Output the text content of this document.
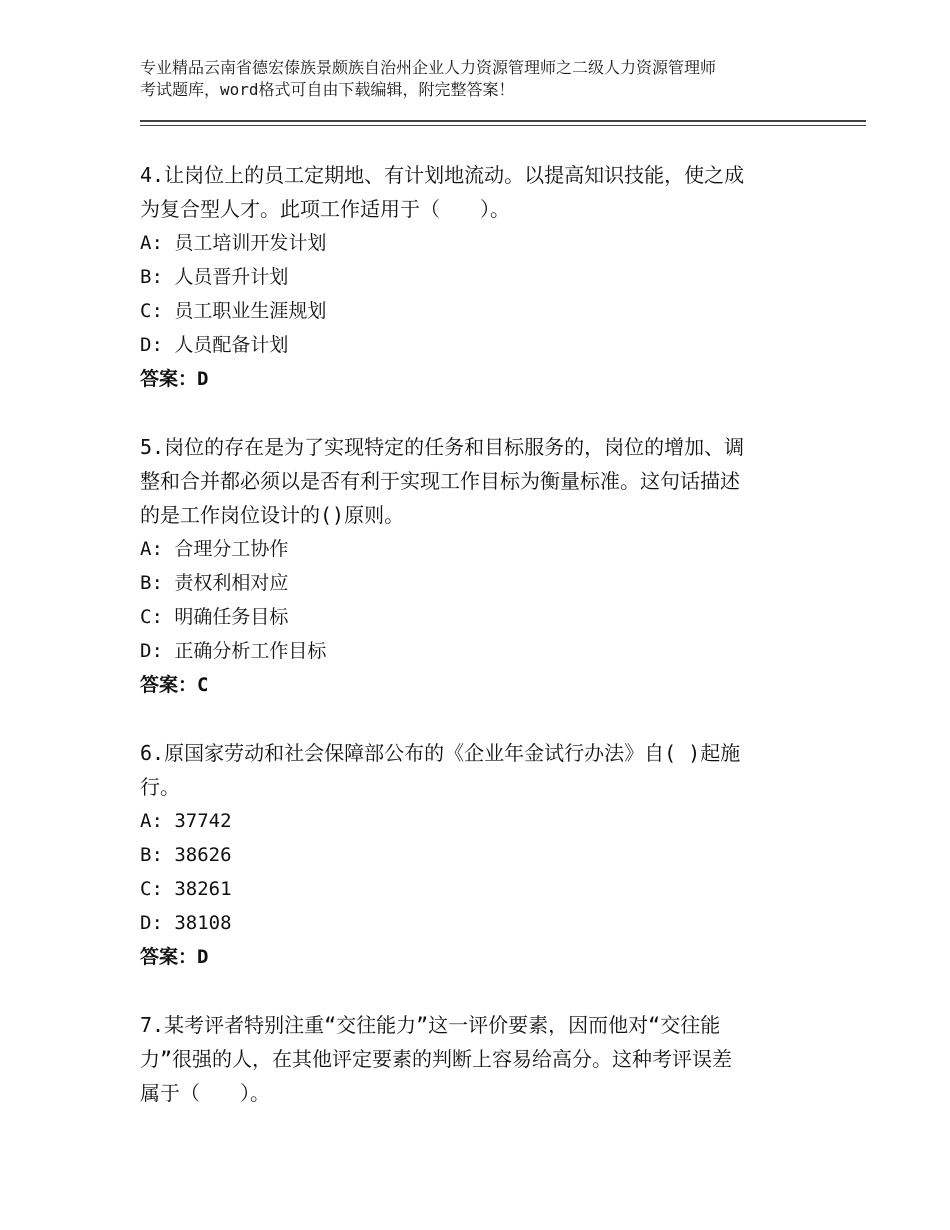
专业精品云南省德宏傣族景颇族自治州企业人力资源管理师之二级人力资源管理师
考试题库，word格式可自由下载编辑，附完整答案！

4.让岗位上的员工定期地、有计划地流动。以提高知识技能，使之成

为复合型人才。此项工作适用于（　　）。

A: 员工培训开发计划

B: 人员晋升计划

C: 员工职业生涯规划

D: 人员配备计划

答案：D

5.岗位的存在是为了实现特定的任务和目标服务的，岗位的增加、调

整和合并都必须以是否有利于实现工作目标为衡量标准。这句话描述

的是工作岗位设计的()原则。

A: 合理分工协作

B: 责权利相对应

C: 明确任务目标

D: 正确分析工作目标

答案：C

6.原国家劳动和社会保障部公布的《企业年金试行办法》自( )起施

行。

A: 37742

B: 38626

C: 38261

D: 38108

答案：D

7.某考评者特别注重“交往能力”这一评价要素，因而他对“交往能

力”很强的人，在其他评定要素的判断上容易给高分。这种考评误差

属于（　　）。
